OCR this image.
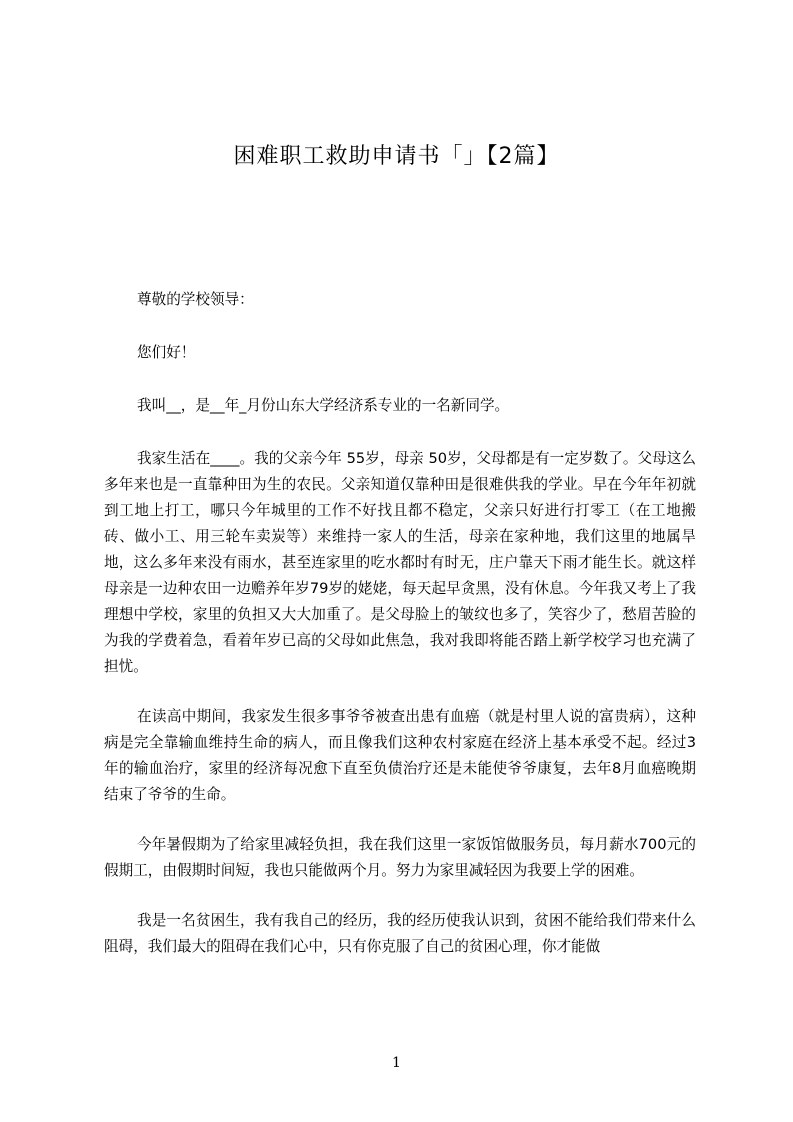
困难职工救助申请书「」【2篇】

尊敬的学校领导：

您们好！

我叫__，是__年_月份山东大学经济系专业的一名新同学。

我家生活在____。我的父亲今年 55岁，母亲 50岁，父母都是有一定岁数了。父母这么多年来也是一直靠种田为生的农民。父亲知道仅靠种田是很难供我的学业。早在今年年初就到工地上打工，哪只今年城里的工作不好找且都不稳定，父亲只好进行打零工（在工地搬砖、做小工、用三轮车卖炭等）来维持一家人的生活，母亲在家种地，我们这里的地属旱地，这么多年来没有雨水，甚至连家里的吃水都时有时无，庄户靠天下雨才能生长。就这样母亲是一边种农田一边赡养年岁79岁的姥姥，每天起早贪黑，没有休息。今年我又考上了我理想中学校，家里的负担又大大加重了。是父母脸上的皱纹也多了，笑容少了，愁眉苦脸的为我的学费着急，看着年岁已高的父母如此焦急，我对我即将能否踏上新学校学习也充满了担忧。

在读高中期间，我家发生很多事爷爷被查出患有血癌（就是村里人说的富贵病），这种病是完全靠输血维持生命的病人，而且像我们这种农村家庭在经济上基本承受不起。经过3年的输血治疗，家里的经济每况愈下直至负债治疗还是未能使爷爷康复，去年8月血癌晚期结束了爷爷的生命。

今年暑假期为了给家里减轻负担，我在我们这里一家饭馆做服务员，每月薪水700元的假期工，由假期时间短，我也只能做两个月。努力为家里减轻因为我要上学的困难。

我是一名贫困生，我有我自己的经历，我的经历使我认识到，贫困不能给我们带来什么阻碍，我们最大的阻碍在我们心中，只有你克服了自己的贫困心理，你才能做

1
